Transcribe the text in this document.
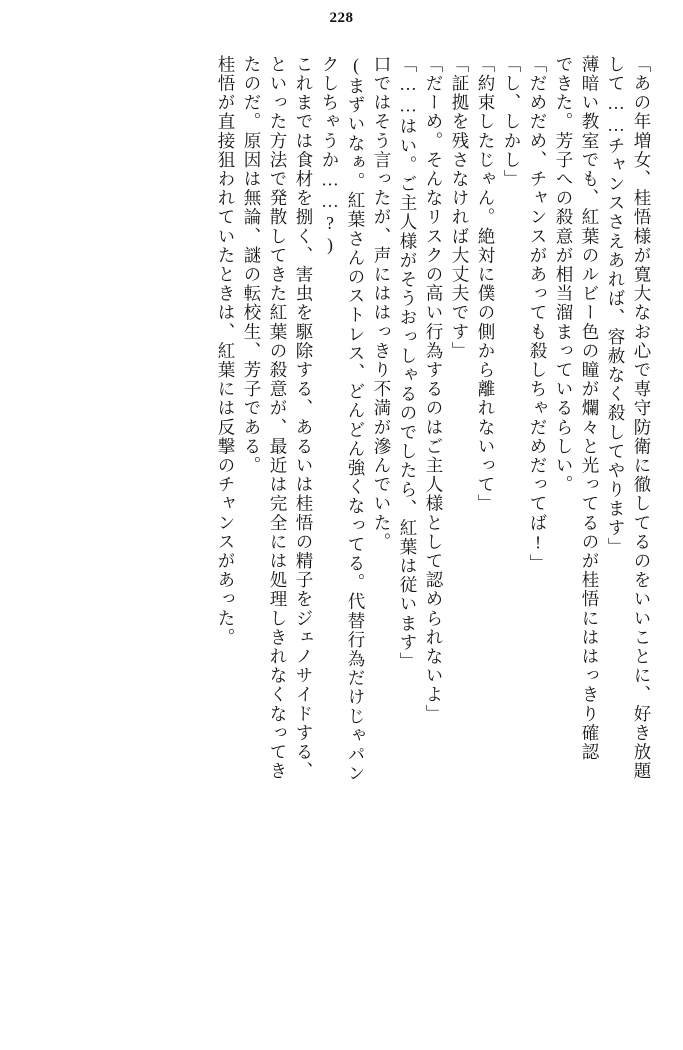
228
「あの年増女、桂悟様が寛大なお心で専守防衛に徹してるのをいいことに、好き放題
して……チャンスさえあれば、容赦なく殺してやります」
薄暗い教室でも、紅葉のルビー色の瞳が爛々と光ってるのが桂悟にははっきり確認
できた。芳子への殺意が相当溜まっているらしい。
「だめだめ、チャンスがあっても殺しちゃだめだってば!」
「し、しかし」
「約束したじゃん。絶対に僕の側から離れないって」
「証拠を残さなければ大丈夫です」
「だーめ。そんなリスクの高い行為するのはご主人様として認められないよ」
「……はい。ご主人様がそうおっしゃるのでしたら、紅葉は従います」
口ではそう言ったが、声にははっきり不満が滲んでいた。
(まずいなぁ。紅葉さんのストレス、どんどん強くなってる。代替行為だけじゃパン
クしちゃうか……?)
これまでは食材を捌く、害虫を駆除する、あるいは桂悟の精子をジェノサイドする、
といった方法で発散してきた紅葉の殺意が、最近は完全には処理しきれなくなってき
たのだ。原因は無論、謎の転校生、芳子である。
桂悟が直接狙われていたときは、紅葉には反撃のチャンスがあった。
